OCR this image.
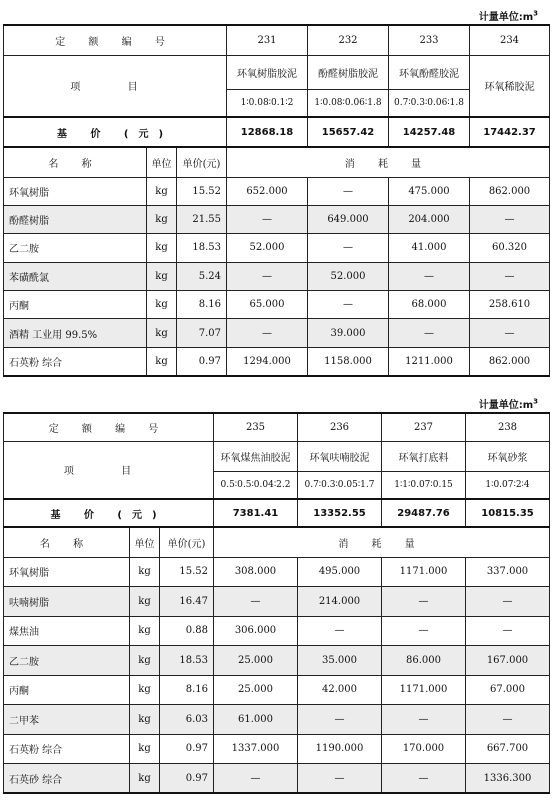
计量单位$:m^3$
定 额 编 号			231	232	233	234
项 目			环氧树脂胶泥	酚醛树脂胶泥	环氧酚醛胶泥	环氧稀胶泥
			1∶0.08∶0.1∶2	1∶0.08∶0.06∶1.8	0.7∶0.3∶0.06∶1.8	
基 价 (元)			12868.18	15657.42	14257.48	17442.37
名 称	单位	单价(元)	消 耗 量			
环氧树脂	kg	15.52	652.000	—	475.000	862.000
酚醛树脂	kg	21.55	—	649.000	204.000	—
乙二胺	kg	18.53	52.000	—	41.000	60.320
苯磺酰氯	kg	5.24	—	52.000	—	—
丙酮	kg	8.16	65.000	—	68.000	258.610
酒精 工业用 99.5%	kg	7.07	—	39.000	—	—
石英粉 综合	kg	0.97	1294.000	1158.000	1211.000	862.000
计量单位$:m^3$
定 额 编 号			235	236	237	238
项 目			环氧煤焦油胶泥	环氧呋喃胶泥	环氧打底料	环氧砂浆
			0.5∶0.5∶0.04∶2.2	0.7∶0.3∶0.05∶1.7	1∶1∶0.07∶0.15	1∶0.07∶2∶4
基 价 (元)			7381.41	13352.55	29487.76	10815.35
名 称	单位	单价(元)	消 耗 量			
环氧树脂	kg	15.52	308.000	495.000	1171.000	337.000
呋喃树脂	kg	16.47	—	214.000	—	—
煤焦油	kg	0.88	306.000	—	—	—
乙二胺	kg	18.53	25.000	35.000	86.000	167.000
丙酮	kg	8.16	25.000	42.000	1171.000	67.000
二甲苯	kg	6.03	61.000	—	—	—
石英粉 综合	kg	0.97	1337.000	1190.000	170.000	667.700
石英砂 综合	kg	0.97	—	—	—	1336.300
